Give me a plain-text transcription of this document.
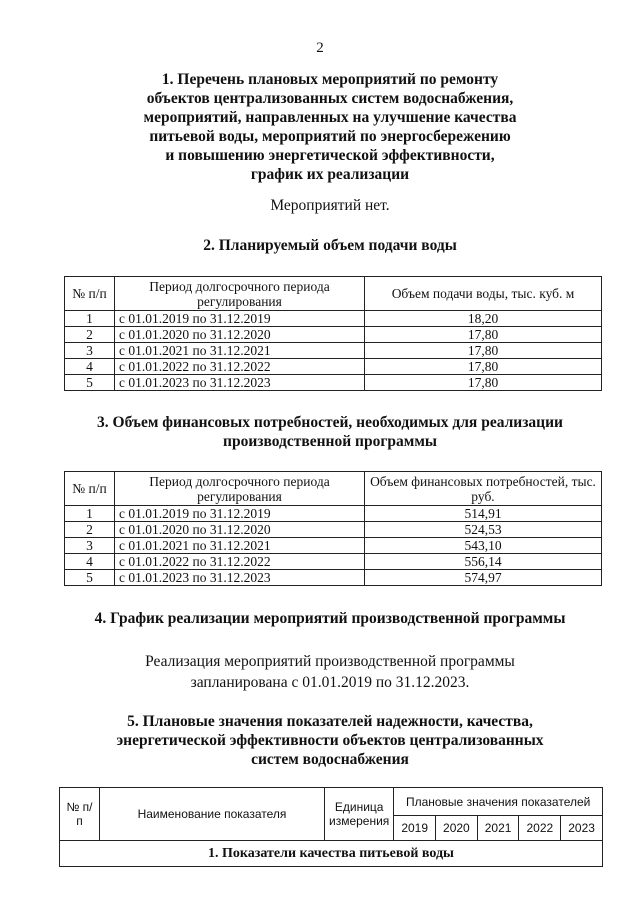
2
1. Перечень плановых мероприятий по ремонту
объектов централизованных систем водоснабжения,
мероприятий, направленных на улучшение качества
питьевой воды, мероприятий по энергосбережению
и повышению энергетической эффективности,
график их реализации
Мероприятий нет.
2. Планируемый объем подачи воды
№ п/п	Период долгосрочного периода регулирования	Объем подачи воды, тыс. куб. м
1	с 01.01.2019 по 31.12.2019	18,20
2	с 01.01.2020 по 31.12.2020	17,80
3	с 01.01.2021 по 31.12.2021	17,80
4	с 01.01.2022 по 31.12.2022	17,80
5	с 01.01.2023 по 31.12.2023	17,80
3. Объем финансовых потребностей, необходимых для реализации
производственной программы
№ п/п	Период долгосрочного периода регулирования	Объем финансовых потребностей, тыс. руб.
1	с 01.01.2019 по 31.12.2019	514,91
2	с 01.01.2020 по 31.12.2020	524,53
3	с 01.01.2021 по 31.12.2021	543,10
4	с 01.01.2022 по 31.12.2022	556,14
5	с 01.01.2023 по 31.12.2023	574,97
4. График реализации мероприятий производственной программы
Реализация мероприятий производственной программы
запланирована с 01.01.2019 по 31.12.2023.
5. Плановые значения показателей надежности, качества,
энергетической эффективности объектов централизованных
систем водоснабжения
№ п/п	Наименование показателя	Единица измерения	Плановые значения показателей				
			2019	2020	2021	2022	2023
1. Показатели качества питьевой воды							
